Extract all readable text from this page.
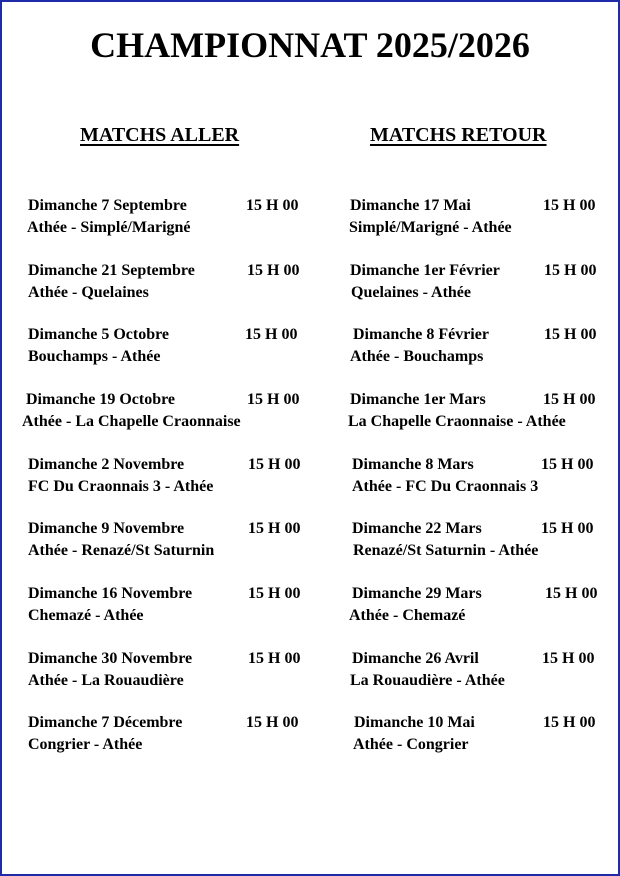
CHAMPIONNAT 2025/2026
MATCHS ALLER	MATCHS RETOUR
Dimanche 7 Septembre	15 H 00
Athée - Simplé/Marigné
Dimanche 21 Septembre	15 H 00
Athée - Quelaines
Dimanche 5 Octobre	15 H 00
Bouchamps - Athée
Dimanche 19 Octobre	15 H 00
Athée - La Chapelle Craonnaise
Dimanche 2 Novembre	15 H 00
FC Du Craonnais 3 - Athée
Dimanche 9 Novembre	15 H 00
Athée - Renazé/St Saturnin
Dimanche 16 Novembre	15 H 00
Chemazé - Athée
Dimanche 30 Novembre	15 H 00
Athée - La Rouaudière
Dimanche 7 Décembre	15 H 00
Congrier - Athée
Dimanche 17 Mai	15 H 00
Simplé/Marigné - Athée
Dimanche 1er Février	15 H 00
Quelaines - Athée
Dimanche 8 Février	15 H 00
Athée - Bouchamps
Dimanche 1er Mars	15 H 00
La Chapelle Craonnaise - Athée
Dimanche 8 Mars	15 H 00
Athée - FC Du Craonnais 3
Dimanche 22 Mars	15 H 00
Renazé/St Saturnin - Athée
Dimanche 29 Mars	15 H 00
Athée - Chemazé
Dimanche 26 Avril	15 H 00
La Rouaudière - Athée
Dimanche 10 Mai	15 H 00
Athée - Congrier
